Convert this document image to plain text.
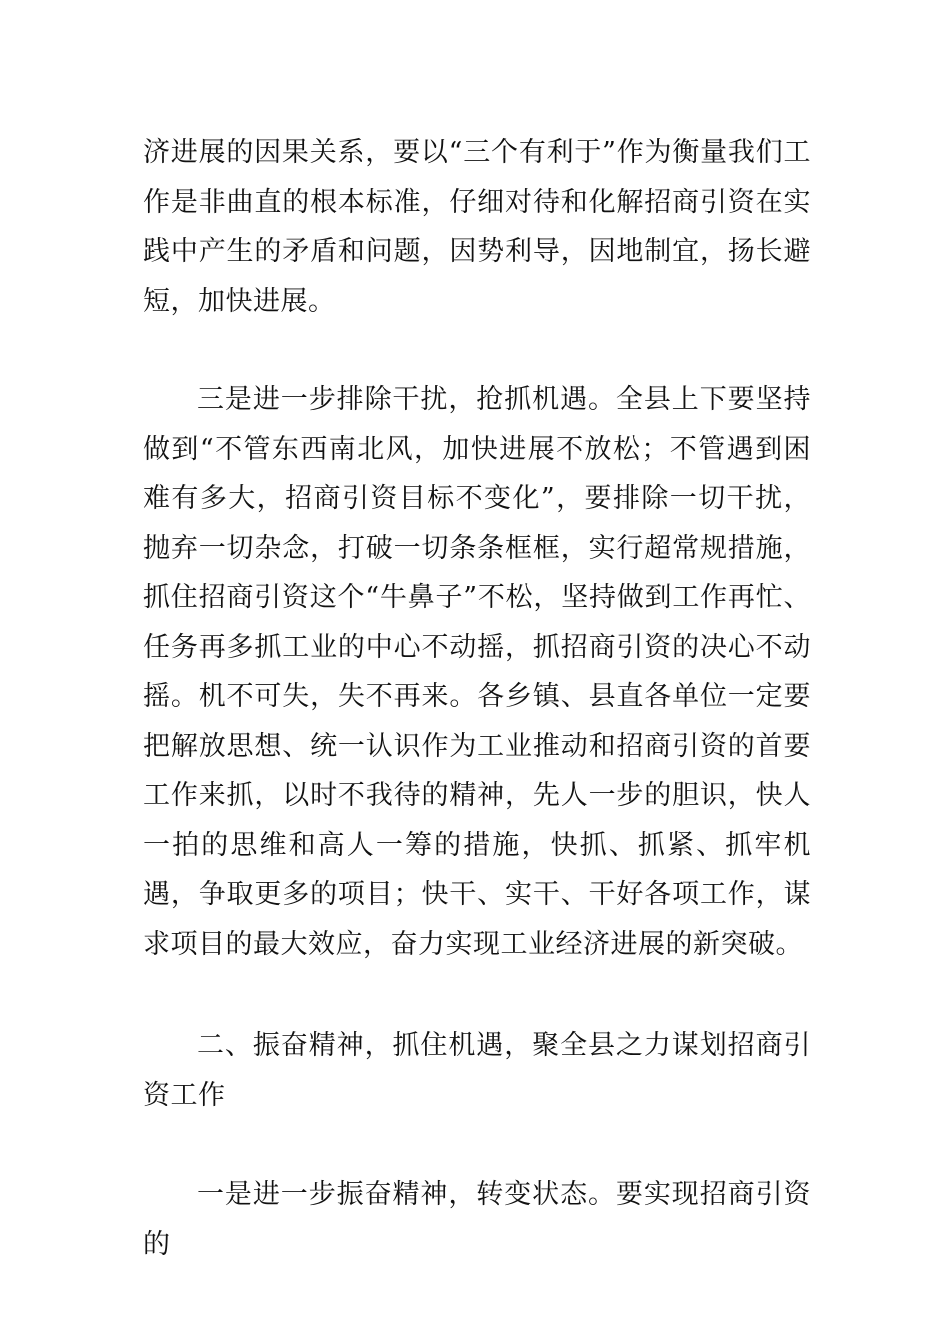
济进展的因果关系，要以“三个有利于”作为衡量我们工作是非曲直的根本标准，仔细对待和化解招商引资在实践中产生的矛盾和问题，因势利导，因地制宜，扬长避短，加快进展。

三是进一步排除干扰，抢抓机遇。全县上下要坚持做到“不管东西南北风，加快进展不放松；不管遇到困难有多大，招商引资目标不变化”，要排除一切干扰，抛弃一切杂念，打破一切条条框框，实行超常规措施，抓住招商引资这个“牛鼻子”不松，坚持做到工作再忙、任务再多抓工业的中心不动摇，抓招商引资的决心不动摇。机不可失，失不再来。各乡镇、县直各单位一定要把解放思想、统一认识作为工业推动和招商引资的首要工作来抓，以时不我待的精神，先人一步的胆识，快人一拍的思维和高人一筹的措施，快抓、抓紧、抓牢机遇，争取更多的项目；快干、实干、干好各项工作，谋求项目的最大效应，奋力实现工业经济进展的新突破。

二、振奋精神，抓住机遇，聚全县之力谋划招商引资工作

一是进一步振奋精神，转变状态。要实现招商引资的
